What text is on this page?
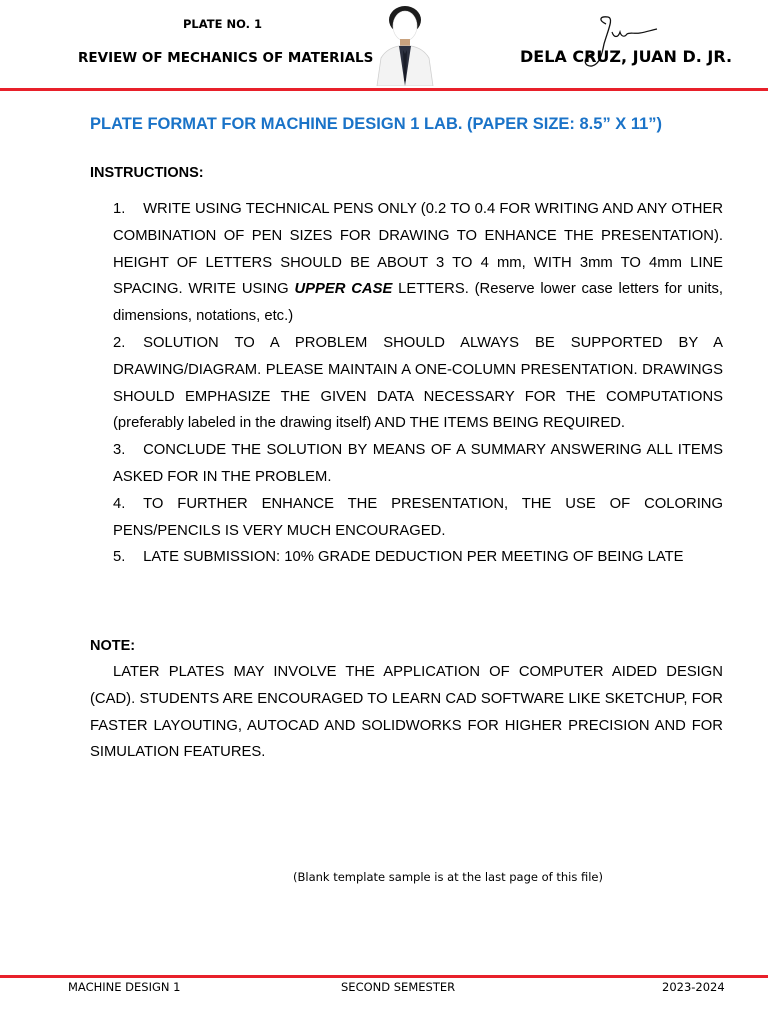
PLATE NO. 1
REVIEW OF MECHANICS OF MATERIALS	DELA CRUZ, JUAN D. JR.
PLATE FORMAT FOR MACHINE DESIGN 1 LAB. (PAPER SIZE: 8.5” X 11”)
INSTRUCTIONS:
1. WRITE USING TECHNICAL PENS ONLY (0.2 TO 0.4 FOR WRITING AND ANY OTHER COMBINATION OF PEN SIZES FOR DRAWING TO ENHANCE THE PRESENTATION). HEIGHT OF LETTERS SHOULD BE ABOUT 3 TO 4 mm, WITH 3mm TO 4mm LINE SPACING. WRITE USING UPPER CASE LETTERS. (Reserve lower case letters for units, dimensions, notations, etc.)
2. SOLUTION TO A PROBLEM SHOULD ALWAYS BE SUPPORTED BY A DRAWING/DIAGRAM. PLEASE MAINTAIN A ONE-COLUMN PRESENTATION. DRAWINGS SHOULD EMPHASIZE THE GIVEN DATA NECESSARY FOR THE COMPUTATIONS (preferably labeled in the drawing itself) AND THE ITEMS BEING REQUIRED.
3. CONCLUDE THE SOLUTION BY MEANS OF A SUMMARY ANSWERING ALL ITEMS ASKED FOR IN THE PROBLEM.
4. TO FURTHER ENHANCE THE PRESENTATION, THE USE OF COLORING PENS/PENCILS IS VERY MUCH ENCOURAGED.
5. LATE SUBMISSION: 10% GRADE DEDUCTION PER MEETING OF BEING LATE
NOTE:

LATER PLATES MAY INVOLVE THE APPLICATION OF COMPUTER AIDED DESIGN (CAD). STUDENTS ARE ENCOURAGED TO LEARN CAD SOFTWARE LIKE SKETCHUP, FOR FASTER LAYOUTING, AUTOCAD AND SOLIDWORKS FOR HIGHER PRECISION AND FOR SIMULATION FEATURES.

(Blank template sample is at the last page of this file)
MACHINE DESIGN 1	SECOND SEMESTER	2023-2024
